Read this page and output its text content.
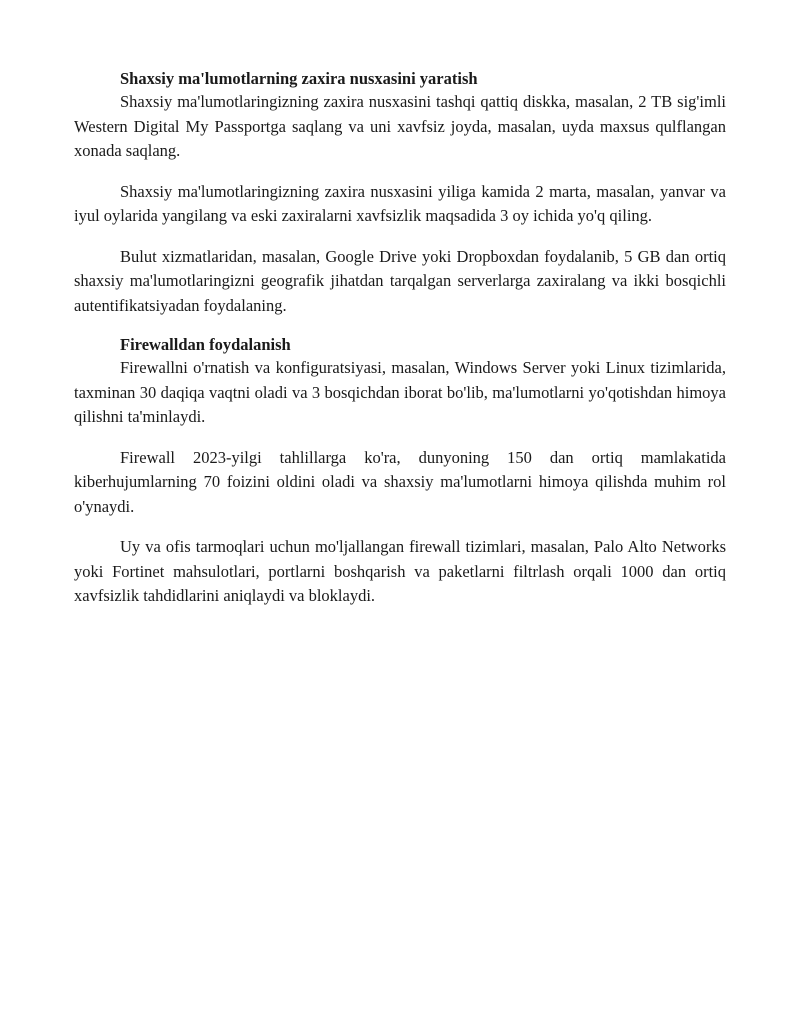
Shaxsiy ma'lumotlarning zaxira nusxasini yaratish

Shaxsiy ma'lumotlaringizning zaxira nusxasini tashqi qattiq diskka, masalan, 2 TB sig'imli Western Digital My Passportga saqlang va uni xavfsiz joyda, masalan, uyda maxsus qulflangan xonada saqlang.

Shaxsiy ma'lumotlaringizning zaxira nusxasini yiliga kamida 2 marta, masalan, yanvar va iyul oylarida yangilang va eski zaxiralarni xavfsizlik maqsadida 3 oy ichida yo'q qiling.

Bulut xizmatlaridan, masalan, Google Drive yoki Dropboxdan foydalanib, 5 GB dan ortiq shaxsiy ma'lumotlaringizni geografik jihatdan tarqalgan serverlarga zaxiralang va ikki bosqichli autentifikatsiyadan foydalaning.

Firewalldan foydalanish

Firewallni o'rnatish va konfiguratsiyasi, masalan, Windows Server yoki Linux tizimlarida, taxminan 30 daqiqa vaqtni oladi va 3 bosqichdan iborat bo'lib, ma'lumotlarni yo'qotishdan himoya qilishni ta'minlaydi.

Firewall 2023-yilgi tahlillarga ko'ra, dunyoning 150 dan ortiq mamlakatida kiberhujumlarning 70 foizini oldini oladi va shaxsiy ma'lumotlarni himoya qilishda muhim rol o'ynaydi.

Uy va ofis tarmoqlari uchun mo'ljallangan firewall tizimlari, masalan, Palo Alto Networks yoki Fortinet mahsulotlari, portlarni boshqarish va paketlarni filtrlash orqali 1000 dan ortiq xavfsizlik tahdidlarini aniqlaydi va bloklaydi.
